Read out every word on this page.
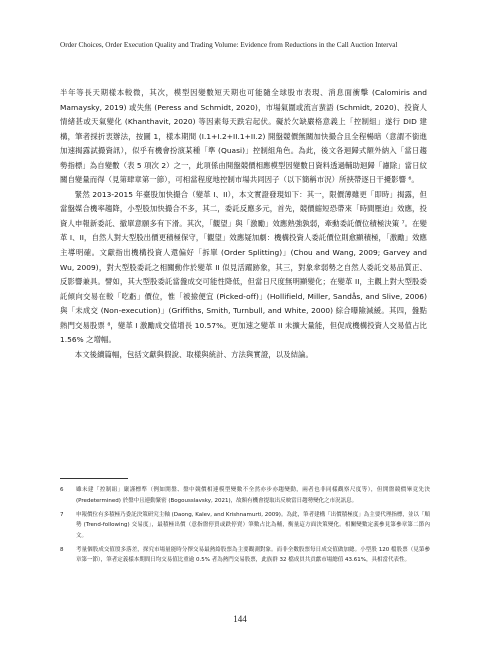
Order Choices, Order Execution Quality and Trading Volume: Evidence from Reductions in the Call Auction Interval

半年等長天期樣本較微，其次，模型因變數短天期也可能隨全球股市表現、消息面衝擊 (Calomiris and Mamaysky, 2019) 或失焦 (Peress and Schmidt, 2020)，市場氣圍或流言蜚語 (Schmidt, 2020)、投資人情緒甚或天氣變化 (Khanthavit, 2020) 等因素每天跌宕起伏。礙於欠缺嚴格意義上「控制組」遂行 DID 建構，筆者採折衷辦法，按圖 1，樣本期間 (I.1+I.2+II.1+II.2) 開盤競價無關加快撮合且全程暢暗（意謂不銜進加速揭露試撮資訊），似乎有機會扮演某種「準 (Quasi)」控制組角色。為此，後文各迴歸式額外納入「當日趨勢指標」為自變數（表 5 項次 2）之一，此項係由開盤競價相應模型因變數日資料透過輔助迴歸「濾除」當日紋關自變量而得（見第肆章第一節），可相當程度地控制市場共同因子（以下簡稱市況）所挾帶逐日干擾影響 ⁶。

緊然 2013-2015 年臺股加快撮合（變革 I、II），本文實證發現如下：其一，限價薄雖更「即時」揭露，但當盤媒合機率趨降，小型股加快撮合不多，其二，委託反應多元，首先，競價縮短恐帶來「時間壓迫」效應，投資人申報新委託、撤單意願多有下滑。其次，「觀望」與「激勵」效應熟強孰弱，牽動委託價位積極決策 ⁷。在變革 I、II，自然人對大型股出價更積極保守，「觀望」效應疑加劇：機構投資人委託價位則愈顯積極，「激勵」效應主導明確。文獻指出機構投資人還偏好「拆單 (Order Splitting)」(Chou and Wang, 2009; Garvey and Wu, 2009)，對大型股委託之相關動作於變革 II 似見活躍跡象，其三，對象傘弱勢之自然人委託交易品質正、反影響兼具。譬如，其大型股委託當盤成交可能性降低，但當日尺度無明顯變化；在變革 II，主觀上對大型股委託傾向交易在較「吃虧」價位，惟「被撿便宜 (Picked-off)」(Hollifield, Miller, Sandås, and Slive, 2006) 與「未成交 (Non-execution)」(Griffiths, Smith, Turnbull, and White, 2000) 綜合曝險減緩。其四，盤點熱門交易股票 ⁸，變革 I 激勵成交值增長 10.57%。更加速之變革 II 未擴大量能，但促成機構投資人交易值占比 1.56% 之增幅。

本文後續篇幅，包括文獻與假說、取樣與統計、方法與實證，以及結論。

6	雖未建「控制組」嚴謹標準（例如開盤、盤中競價相連模型變數不全然亦步亦趨變動，兩者也非同樣觀察尺度等），但開盤競價畢竟先決 (Predetermined) 於盤中且連動緊密 (Bogousslavsky, 2021)，故額有機會提取出反映當日趨勢變化之市況訊息。
7	申報價位有多積極乃委託決策研究主軸 (Daong, Kalev, and Krishnamurti, 2009)。為此，筆者建構「出價積極度」為主要代理指標，並以「順勢 (Trend-following) 交易度」，最積極出價（意指盤停買或跌停賣）筆數占比為輔，衡量這方面決策變化。相關變數定義參見第參章第二節內文。
8	考量個股成交值殷多落差，探究市場量能時分擇交易最熱絡股票為主要觀測對象。而非全數股票每日成交值做加總。小型股 120 檔股票（見第參章第一節），筆者定義樣本期間日均交易值比重逾 0.5% 者為熱門交易股票，此族群 32 檔成員共貢獻市場總值 43.61%，具相當代表性。
144
